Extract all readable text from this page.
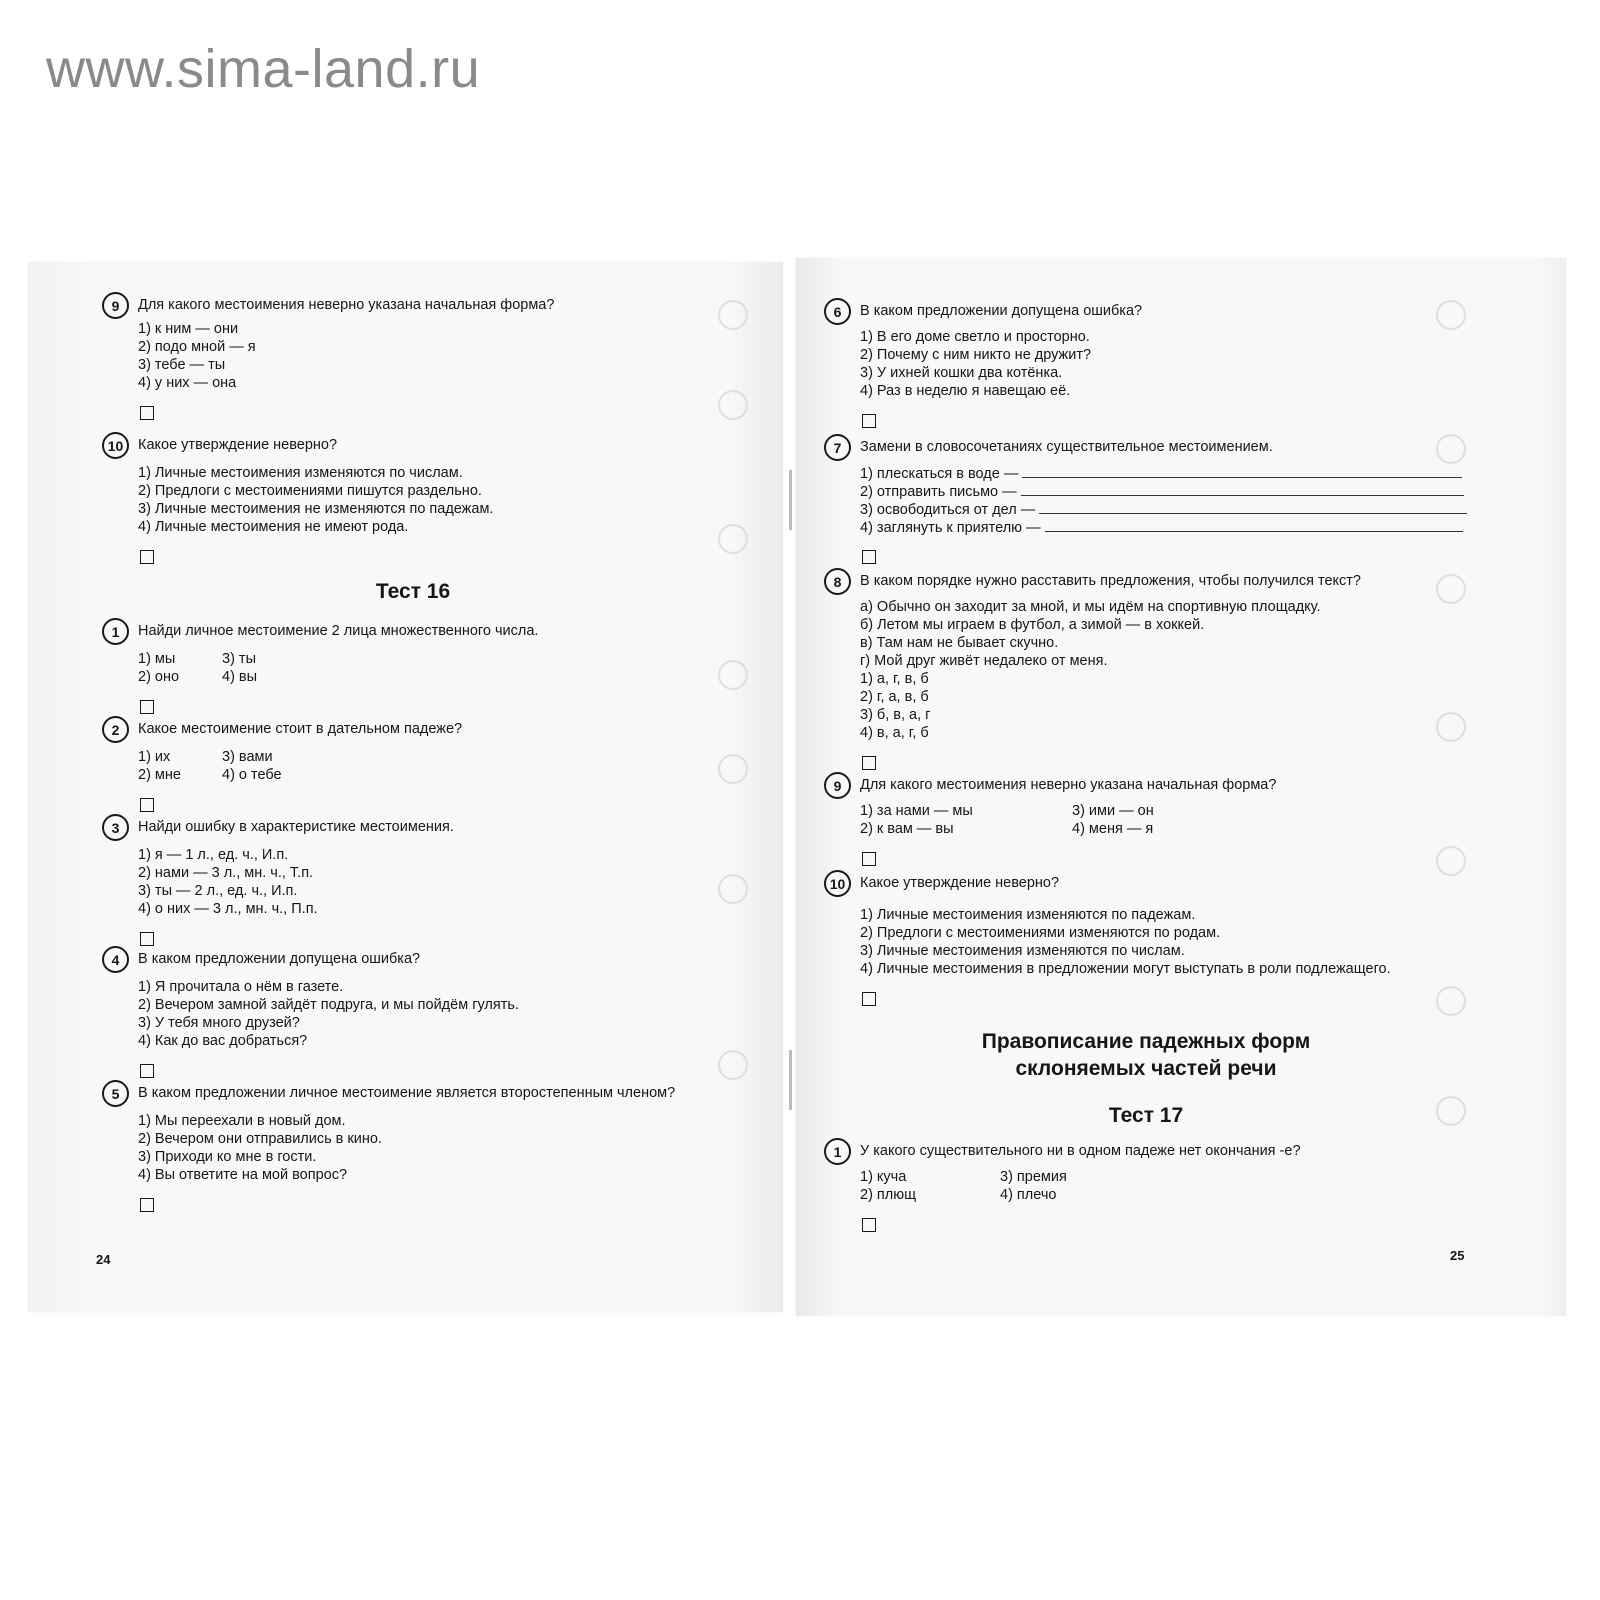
www.sima-land.ru
9	Для какого местоимения неверно указана начальная форма?
1) к ним — они
2) подо мной — я
3) тебе — ты
4) у них — она
10	Какое утверждение неверно?
1) Личные местоимения изменяются по числам.
2) Предлоги с местоимениями пишутся раздельно.
3) Личные местоимения не изменяются по падежам.
4) Личные местоимения не имеют рода.
Тест 16
1	Найди личное местоимение 2 лица множественного числа.
1) мы	3) ты
2) оно	4) вы
2	Какое местоимение стоит в дательном падеже?
1) их	3) вами
2) мне	4) о тебе
3	Найди ошибку в характеристике местоимения.
1) я — 1 л., ед. ч., И.п.
2) нами — 3 л., мн. ч., Т.п.
3) ты — 2 л., ед. ч., И.п.
4) о них — 3 л., мн. ч., П.п.
4	В каком предложении допущена ошибка?
1) Я прочитала о нём в газете.
2) Вечером замной зайдёт подруга, и мы пойдём гулять.
3) У тебя много друзей?
4) Как до вас добраться?
5	В каком предложении личное местоимение является второстепенным членом?
1) Мы переехали в новый дом.
2) Вечером они отправились в кино.
3) Приходи ко мне в гости.
4) Вы ответите на мой вопрос?
24
6	В каком предложении допущена ошибка?
1) В его доме светло и просторно.
2) Почему с ним никто не дружит?
3) У ихней кошки два котёнка.
4) Раз в неделю я навещаю её.
7	Замени в словосочетаниях существительное местоимением.
1) плескаться в воде —
2) отправить письмо —
3) освободиться от дел —
4) заглянуть к приятелю —
8	В каком порядке нужно расставить предложения, чтобы получился текст?
а) Обычно он заходит за мной, и мы идём на спортивную площадку.
б) Летом мы играем в футбол, а зимой — в хоккей.
в) Там нам не бывает скучно.
г) Мой друг живёт недалеко от меня.
1) а, г, в, б
2) г, а, в, б
3) б, в, а, г
4) в, а, г, б
9	Для какого местоимения неверно указана начальная форма?
1) за нами — мы	3) ими — он
2) к вам — вы	4) меня — я
10	Какое утверждение неверно?
1) Личные местоимения изменяются по падежам.
2) Предлоги с местоимениями изменяются по родам.
3) Личные местоимения изменяются по числам.
4) Личные местоимения в предложении могут выступать в роли подлежащего.
Правописание падежных форм
склоняемых частей речи
Тест 17
1	У какого существительного ни в одном падеже нет окончания -е?
1) куча	3) премия
2) плющ	4) плечо
25
